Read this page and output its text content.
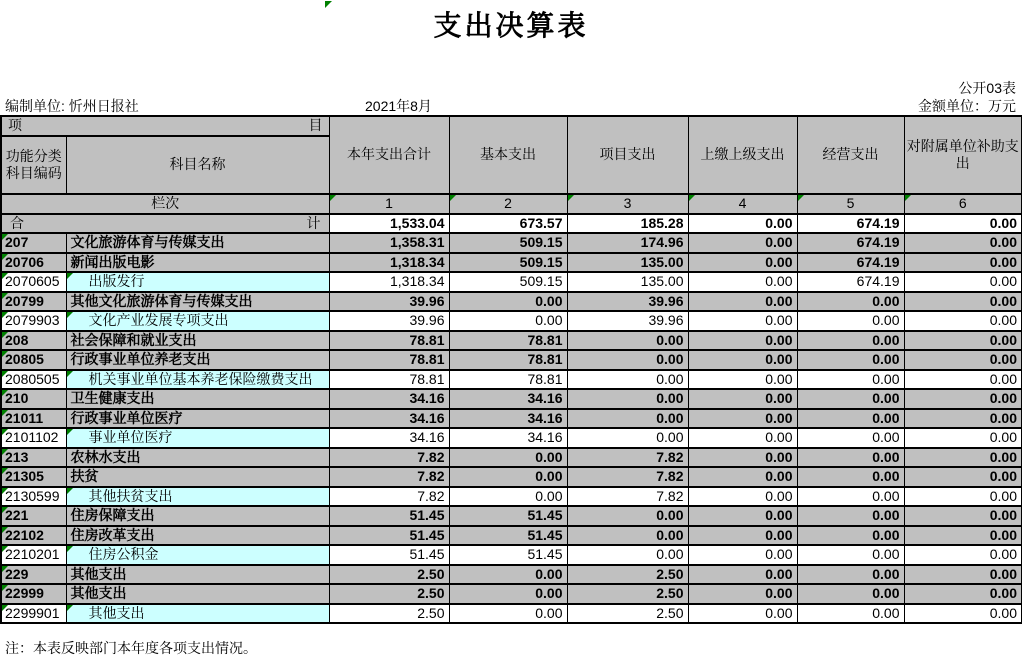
支出决算表
公开03表
编制单位: 忻州日报社	2021年8月	金额单位：万元
项 目		本年支出合计	基本支出	项目支出	上缴上级支出	经营支出	对附属单位补助支出
功能分类科目编码	科目名称						
栏次		1	2	3	4	5	6

合 计		1,533.04	673.57	185.28	0.00	674.19	0.00

207	文化旅游体育与传媒支出	1,358.31	509.15	174.96	0.00	674.19	0.00

20706	新闻出版电影	1,318.34	509.15	135.00	0.00	674.19	0.00

2070605	出版发行	1,318.34	509.15	135.00	0.00	674.19	0.00

20799	其他文化旅游体育与传媒支出	39.96	0.00	39.96	0.00	0.00	0.00

2079903	文化产业发展专项支出	39.96	0.00	39.96	0.00	0.00	0.00

208	社会保障和就业支出	78.81	78.81	0.00	0.00	0.00	0.00

20805	行政事业单位养老支出	78.81	78.81	0.00	0.00	0.00	0.00

2080505	机关事业单位基本养老保险缴费支出	78.81	78.81	0.00	0.00	0.00	0.00

210	卫生健康支出	34.16	34.16	0.00	0.00	0.00	0.00

21011	行政事业单位医疗	34.16	34.16	0.00	0.00	0.00	0.00

2101102	事业单位医疗	34.16	34.16	0.00	0.00	0.00	0.00

213	农林水支出	7.82	0.00	7.82	0.00	0.00	0.00

21305	扶贫	7.82	0.00	7.82	0.00	0.00	0.00

2130599	其他扶贫支出	7.82	0.00	7.82	0.00	0.00	0.00

221	住房保障支出	51.45	51.45	0.00	0.00	0.00	0.00

22102	住房改革支出	51.45	51.45	0.00	0.00	0.00	0.00

2210201	住房公积金	51.45	51.45	0.00	0.00	0.00	0.00

229	其他支出	2.50	0.00	2.50	0.00	0.00	0.00

22999	其他支出	2.50	0.00	2.50	0.00	0.00	0.00

2299901	其他支出	2.50	0.00	2.50	0.00	0.00	0.00
注：本表反映部门本年度各项支出情况。
